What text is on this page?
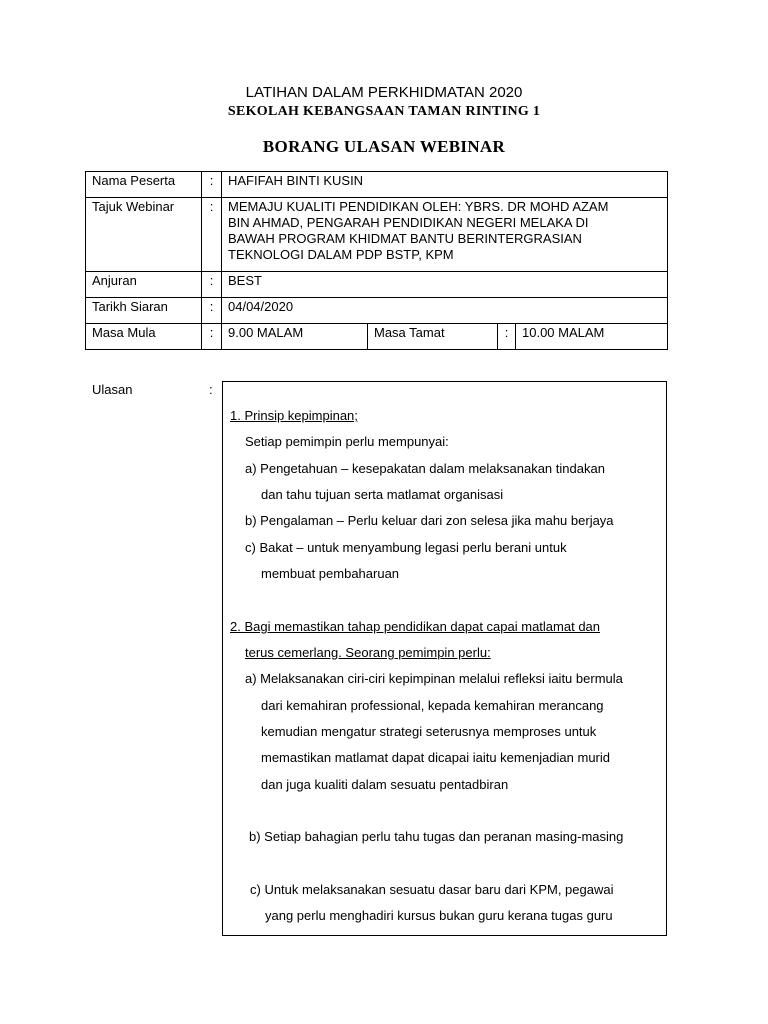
LATIHAN DALAM PERKHIDMATAN 2020
SEKOLAH KEBANGSAAN TAMAN RINTING 1
BORANG ULASAN WEBINAR
Nama Peserta	:	HAFIFAH BINTI KUSIN			
Tajuk Webinar	:	MEMAJU KUALITI PENDIDIKAN OLEH: YBRS. DR MOHD AZAM
BIN AHMAD, PENGARAH PENDIDIKAN NEGERI MELAKA DI
BAWAH PROGRAM KHIDMAT BANTU BERINTERGRASIAN
TEKNOLOGI DALAM PDP BSTP, KPM			

Anjuran	:	BEST			
Tarikh Siaran	:	04/04/2020			
Masa Mula	:	9.00 MALAM	Masa Tamat	:	10.00 MALAM
Ulasan	:
1. Prinsip kepimpinan;
Setiap pemimpin perlu mempunyai:
a) Pengetahuan – kesepakatan dalam melaksanakan tindakan
dan tahu tujuan serta matlamat organisasi
b) Pengalaman – Perlu keluar dari zon selesa jika mahu berjaya
c) Bakat – untuk menyambung legasi perlu berani untuk
membuat pembaharuan
2. Bagi memastikan tahap pendidikan dapat capai matlamat dan
terus cemerlang. Seorang pemimpin perlu:
a) Melaksanakan ciri-ciri kepimpinan melalui refleksi iaitu bermula
dari kemahiran professional, kepada kemahiran merancang
kemudian mengatur strategi seterusnya memproses untuk
memastikan matlamat dapat dicapai iaitu kemenjadian murid
dan juga kualiti dalam sesuatu pentadbiran
b) Setiap bahagian perlu tahu tugas dan peranan masing-masing
c) Untuk melaksanakan sesuatu dasar baru dari KPM, pegawai
yang perlu menghadiri kursus bukan guru kerana tugas guru
